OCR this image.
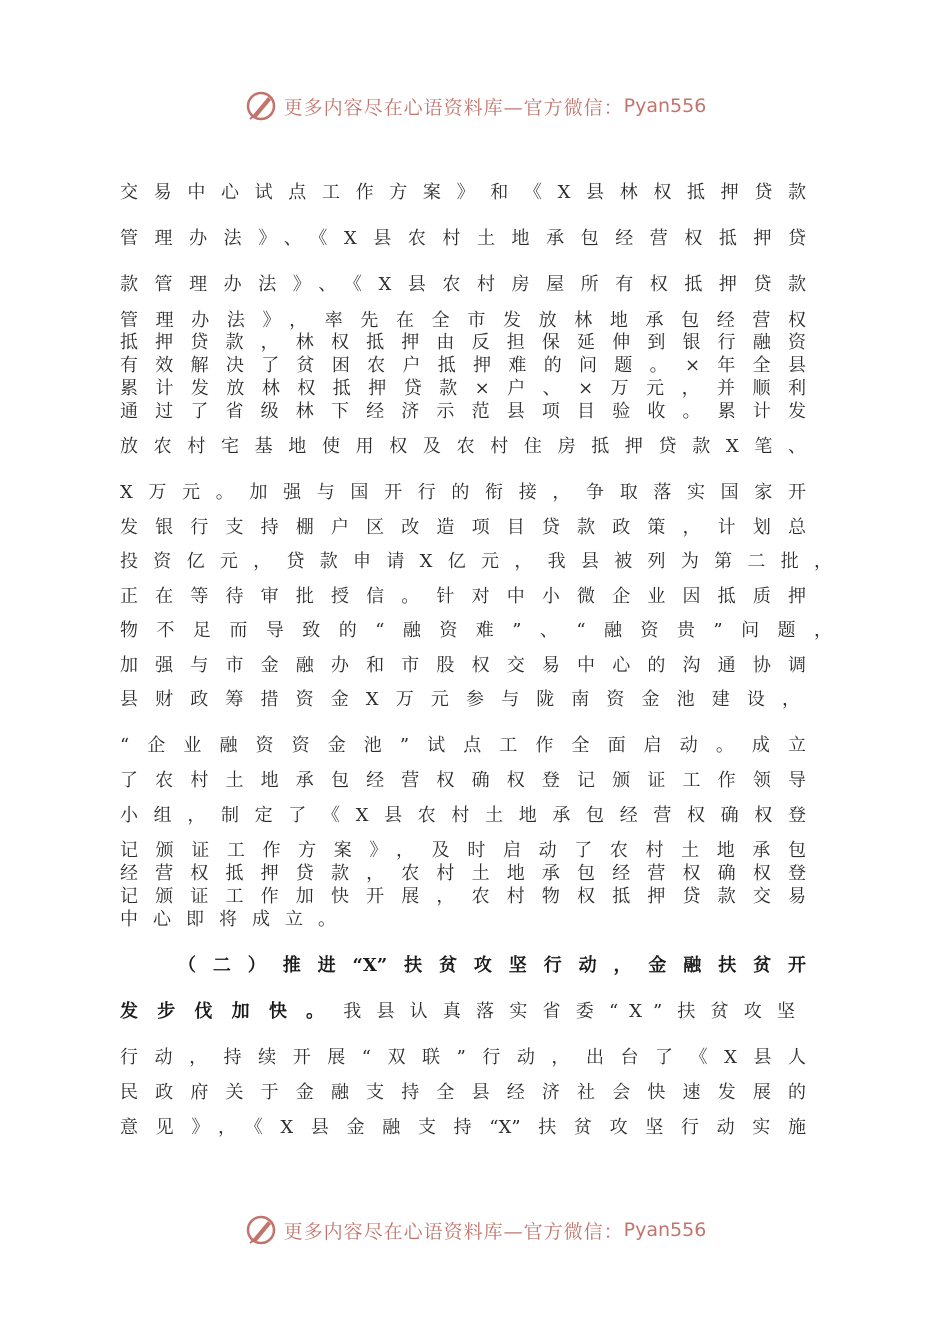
更多内容尽在心语资料库—官方微信： Pyan556
交易中心试点工作方案》和《X县林权抵押贷款
管理办法》、《X县农村土地承包经营权抵押贷
款管理办法》、《X县农村房屋所有权抵押贷款
管理办法》，率先在全市发放林地承包经营权
抵押贷款，林权抵押由反担保延伸到银行融资
有效解决了贫困农户抵押难的问题。×年全县
累计发放林权抵押贷款×户、×万元，并顺利
通过了省级林下经济示范县项目验收。累计发
放农村宅基地使用权及农村住房抵押贷款X笔、
X万元。加强与国开行的衔接，争取落实国家开
发银行支持棚户区改造项目贷款政策，计划总
投资亿元，贷款申请X亿元，我县被列为第二批，
正在等待审批授信。针对中小微企业因抵质押
物不足而导致的“融资难”、“融资贵”问题，
加强与市金融办和市股权交易中心的沟通协调
县财政筹措资金X万元参与陇南资金池建设，
“企业融资资金池”试点工作全面启动。成立
了农村土地承包经营权确权登记颁证工作领导
小组，制定了《X县农村土地承包经营权确权登
记颁证工作方案》，及时启动了农村土地承包
经营权抵押贷款，农村土地承包经营权确权登
记颁证工作加快开展，农村物权抵押贷款交易
中心即将成立。
（二）推进“X”扶贫攻坚行动，金融扶贫开
发步伐加快。我县认真落实省委“X”扶贫攻坚
行动，持续开展“双联”行动，出台了《X县人
民政府关于金融支持全县经济社会快速发展的
意见》，《X县金融支持“X”扶贫攻坚行动实施
更多内容尽在心语资料库—官方微信： Pyan556
